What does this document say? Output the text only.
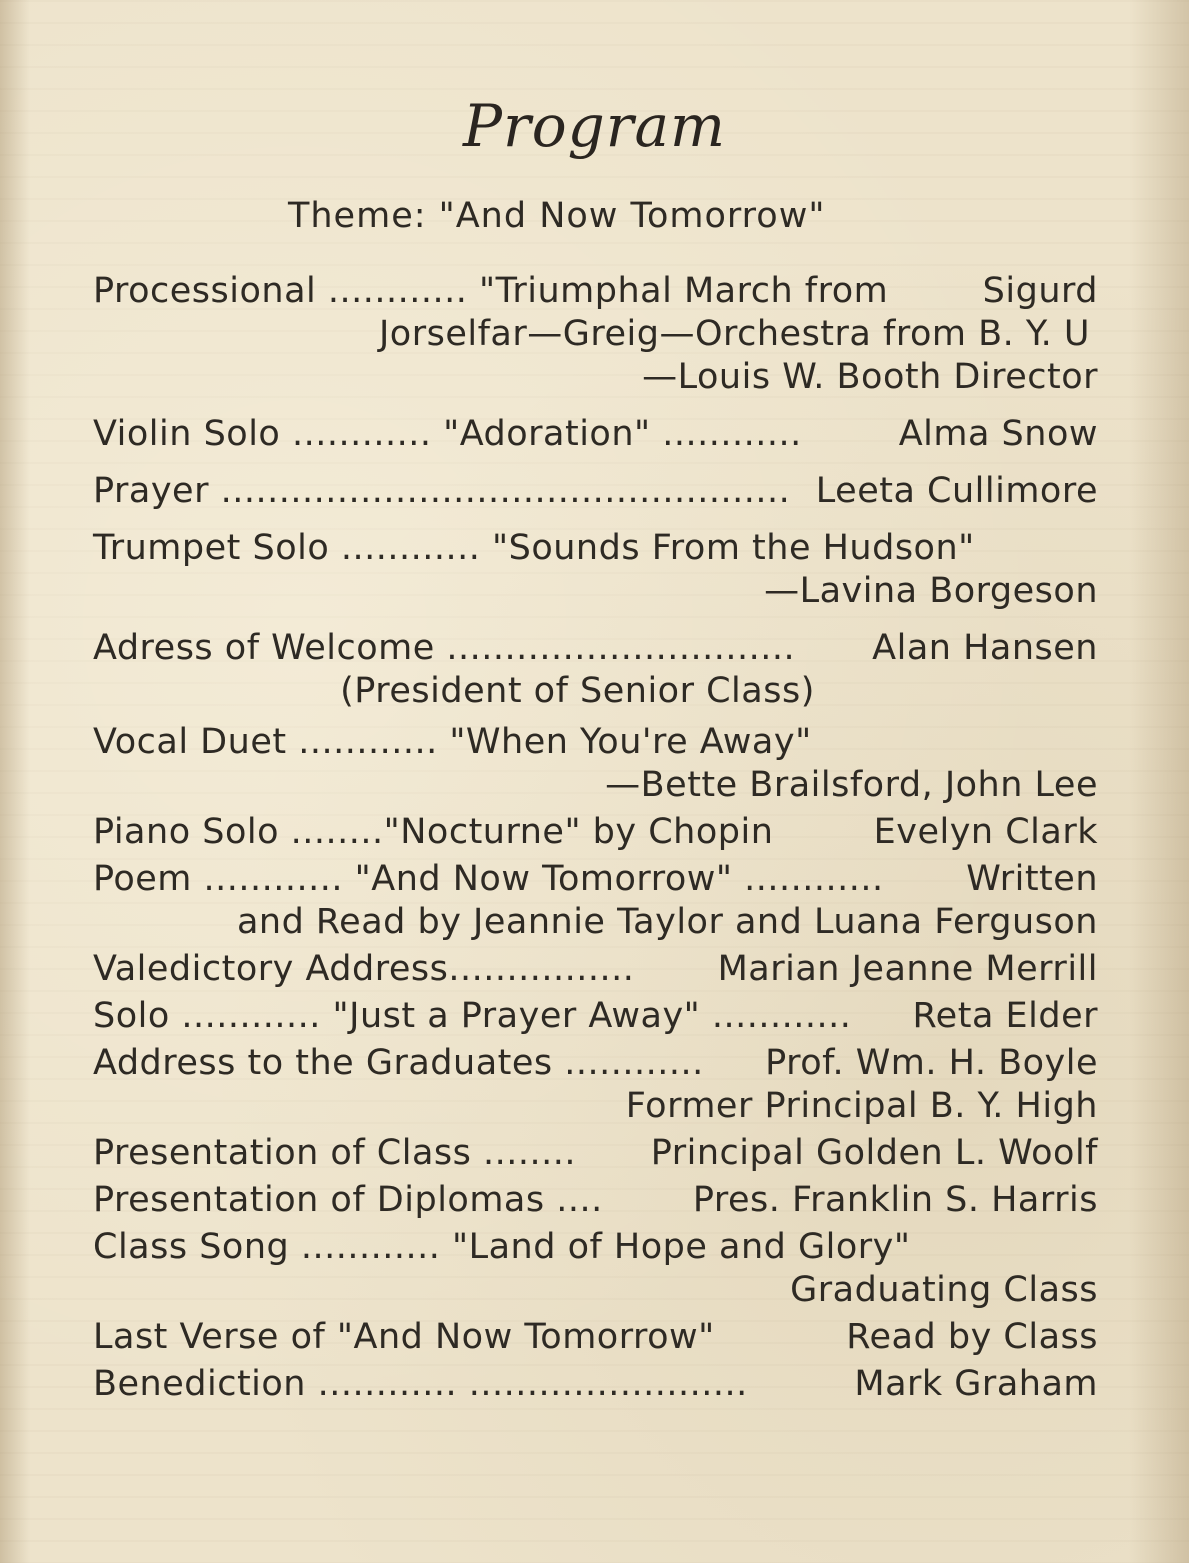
Program
Theme: "And Now Tomorrow"
Processional ............ "Triumphal March from	Sigurd
Jorselfar—Greig—Orchestra from B. Y. U
—Louis W. Booth Director
Violin Solo ............ "Adoration" ............	Alma Snow
Prayer ................................................. Leeta Cullimore
Trumpet Solo ............ "Sounds From the Hudson"
—Lavina Borgeson
Adress of Welcome .............................. Alan Hansen
(President of Senior Class)
Vocal Duet ............ "When You're Away"
—Bette Brailsford, John Lee
Piano Solo ........"Nocturne" by Chopin	Evelyn Clark
Poem ............ "And Now Tomorrow" ............ Written
and Read by Jeannie Taylor and Luana Ferguson
Valedictory Address................ Marian Jeanne Merrill
Solo ............ "Just a Prayer Away" ............ Reta Elder
Address to the Graduates ............ Prof. Wm. H. Boyle
Former Principal B. Y. High
Presentation of Class ........ Principal Golden L. Woolf
Presentation of Diplomas ....	Pres. Franklin S. Harris
Class Song ............ "Land of Hope and Glory"
Graduating Class
Last Verse of "And Now Tomorrow"	Read by Class
Benediction ............ ........................	Mark Graham
